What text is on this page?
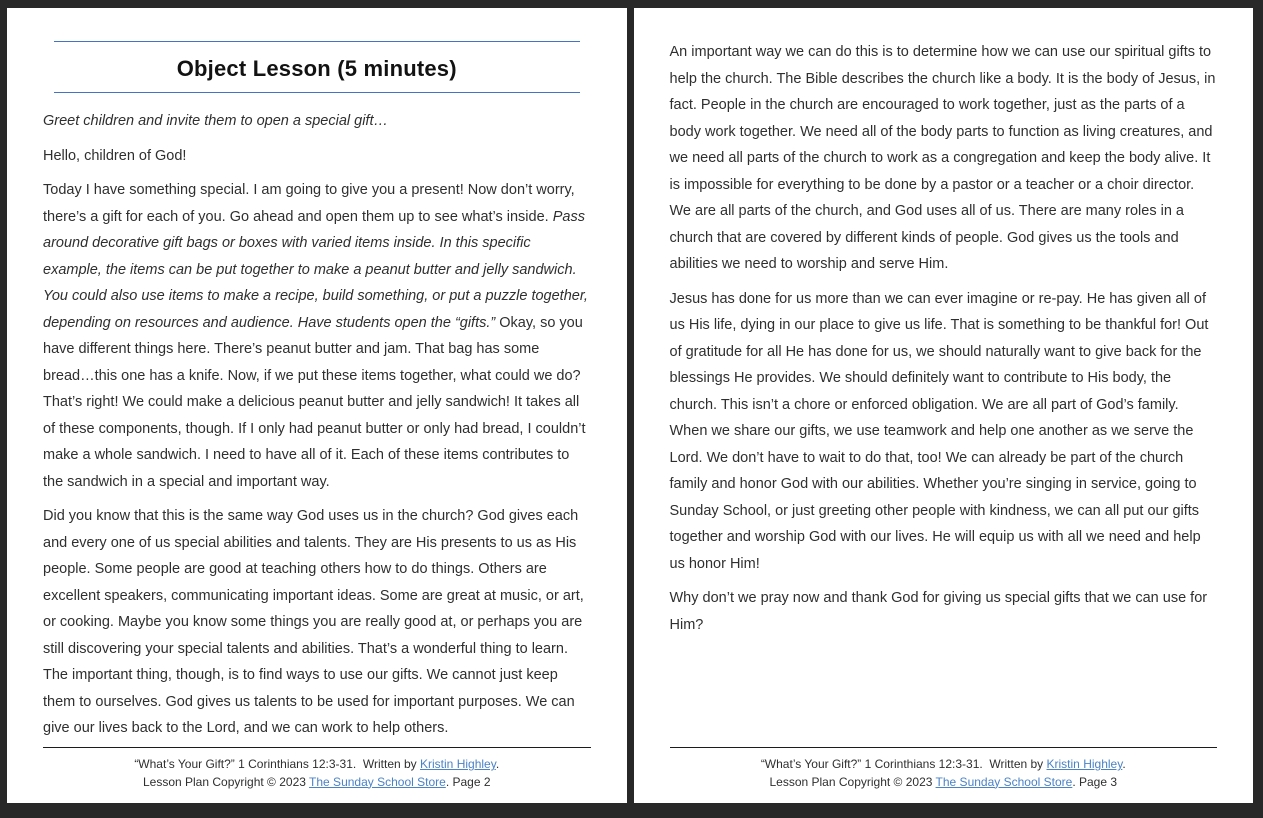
Object Lesson (5 minutes)

Greet children and invite them to open a special gift…

Hello, children of God!

Today I have something special. I am going to give you a present! Now don’t worry, there’s a gift for each of you. Go ahead and open them up to see what’s inside. Pass around decorative gift bags or boxes with varied items inside. In this specific example, the items can be put together to make a peanut butter and jelly sandwich. You could also use items to make a recipe, build something, or put a puzzle together, depending on resources and audience. Have students open the “gifts.” Okay, so you have different things here. There’s peanut butter and jam. That bag has some bread…this one has a knife. Now, if we put these items together, what could we do? That’s right! We could make a delicious peanut butter and jelly sandwich! It takes all of these components, though. If I only had peanut butter or only had bread, I couldn’t make a whole sandwich. I need to have all of it. Each of these items contributes to the sandwich in a special and important way.

Did you know that this is the same way God uses us in the church? God gives each and every one of us special abilities and talents. They are His presents to us as His people. Some people are good at teaching others how to do things. Others are excellent speakers, communicating important ideas. Some are great at music, or art, or cooking. Maybe you know some things you are really good at, or perhaps you are still discovering your special talents and abilities. That’s a wonderful thing to learn. The important thing, though, is to find ways to use our gifts. We cannot just keep them to ourselves. God gives us talents to be used for important purposes. We can give our lives back to the Lord, and we can work to help others.

“What’s Your Gift?” 1 Corinthians 12:3-31.  Written by Kristin Highley.
Lesson Plan Copyright © 2023 The Sunday School Store. Page 2

An important way we can do this is to determine how we can use our spiritual gifts to help the church. The Bible describes the church like a body. It is the body of Jesus, in fact. People in the church are encouraged to work together, just as the parts of a body work together. We need all of the body parts to function as living creatures, and we need all parts of the church to work as a congregation and keep the body alive. It is impossible for everything to be done by a pastor or a teacher or a choir director. We are all parts of the church, and God uses all of us. There are many roles in a church that are covered by different kinds of people. God gives us the tools and abilities we need to worship and serve Him.

Jesus has done for us more than we can ever imagine or re-pay. He has given all of us His life, dying in our place to give us life. That is something to be thankful for! Out of gratitude for all He has done for us, we should naturally want to give back for the blessings He provides. We should definitely want to contribute to His body, the church. This isn’t a chore or enforced obligation. We are all part of God’s family. When we share our gifts, we use teamwork and help one another as we serve the Lord. We don’t have to wait to do that, too! We can already be part of the church family and honor God with our abilities. Whether you’re singing in service, going to Sunday School, or just greeting other people with kindness, we can all put our gifts together and worship God with our lives. He will equip us with all we need and help us honor Him!

Why don’t we pray now and thank God for giving us special gifts that we can use for Him?

“What’s Your Gift?” 1 Corinthians 12:3-31.  Written by Kristin Highley.
Lesson Plan Copyright © 2023 The Sunday School Store. Page 3
